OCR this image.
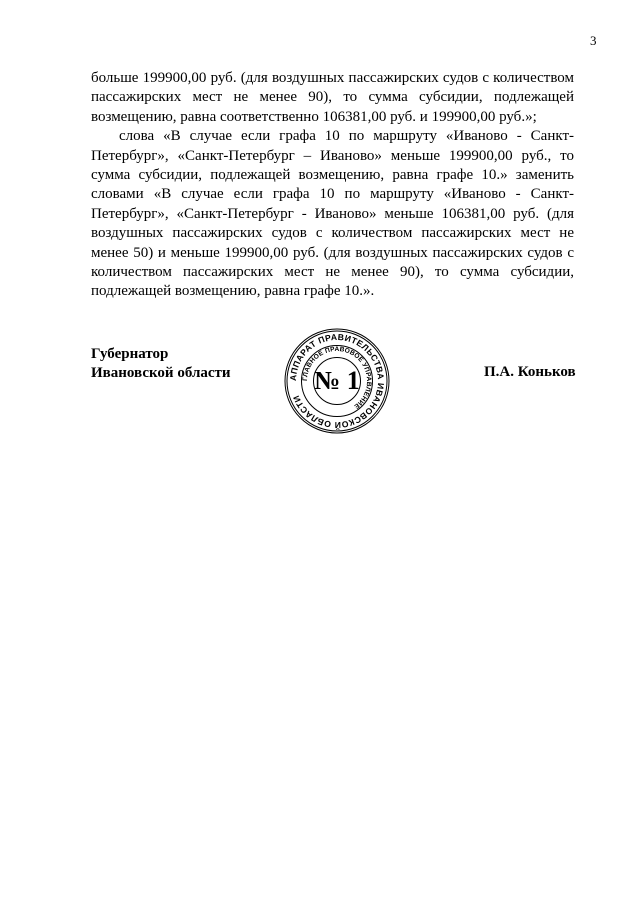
3

больше 199900,00 руб. (для воздушных пассажирских судов с количеством пассажирских мест не менее 90), то сумма субсидии, подлежащей возмещению, равна соответственно 106381,00 руб. и 199900,00 руб.»;

слова «В случае если графа 10 по маршруту «Иваново - Санкт-Петербург», «Санкт-Петербург – Иваново» меньше 199900,00 руб., то сумма субсидии, подлежащей возмещению, равна графе 10.» заменить словами «В случае если графа 10 по маршруту «Иваново - Санкт-Петербург», «Санкт-Петербург - Иваново» меньше 106381,00 руб. (для воздушных пассажирских судов с количеством пассажирских мест не менее 50) и меньше 199900,00 руб. (для воздушных пассажирских судов с количеством пассажирских мест не менее 90), то сумма субсидии, подлежащей возмещению, равна графе 10.».

Губернатор
Ивановской области	П.А. Коньков
АППАРАТ ПРАВИТЕЛЬСТВА ИВАНОВСКОЙ ОБЛАСТИ
ГЛАВНОЕ ПРАВОВОЕ УПРАВЛЕНИЕ
№ 1
